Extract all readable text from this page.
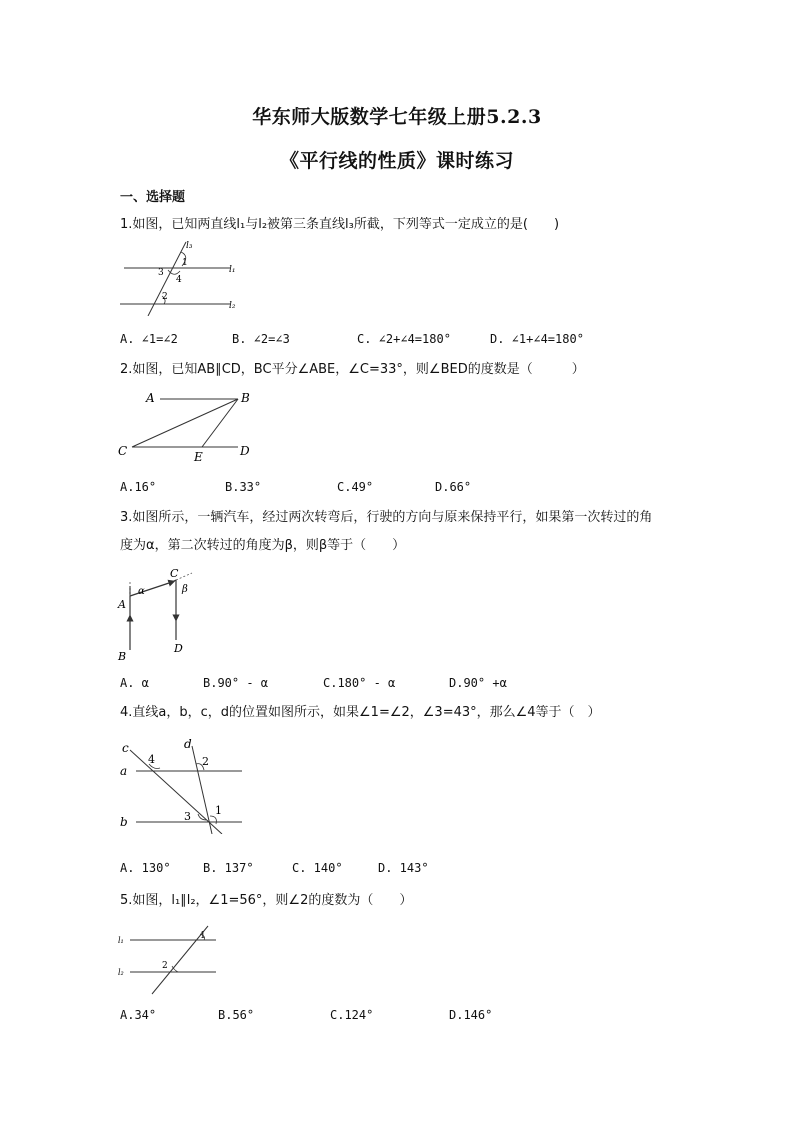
华东师大版数学七年级上册5.2.3
《平行线的性质》课时练习
一、选择题
1.如图，已知两直线l₁与l₂被第三条直线l₃所截，下列等式一定成立的是(　　)
l₃
1
3
4
l₁
2
l₂
A. ∠1=∠2	B. ∠2=∠3	C. ∠2+∠4=180°	D. ∠1+∠4=180°
2.如图，已知AB∥CD，BC平分∠ABE，∠C=33°，则∠BED的度数是（　　　）
A	B
C	E	D
A.16°	B.33°	C.49°	D.66°
3.如图所示，一辆汽车，经过两次转弯后，行驶的方向与原来保持平行，如果第一次转过的角
度为α，第二次转过的角度为β，则β等于（　　）
C
α	β
A
B
D
A. α	B.90° - α	C.180° - α	D.90° +α
4.直线a，b，c，d的位置如图所示，如果∠1=∠2，∠3=43°，那么∠4等于（　）
c	d
4	2
a
1
3
b
A. 130°	B. 137°	C. 140°	D. 143°
5.如图，l₁∥l₂，∠1=56°，则∠2的度数为（　　）
l₁	1
l₂
2
A.34°	B.56°	C.124°	D.146°
